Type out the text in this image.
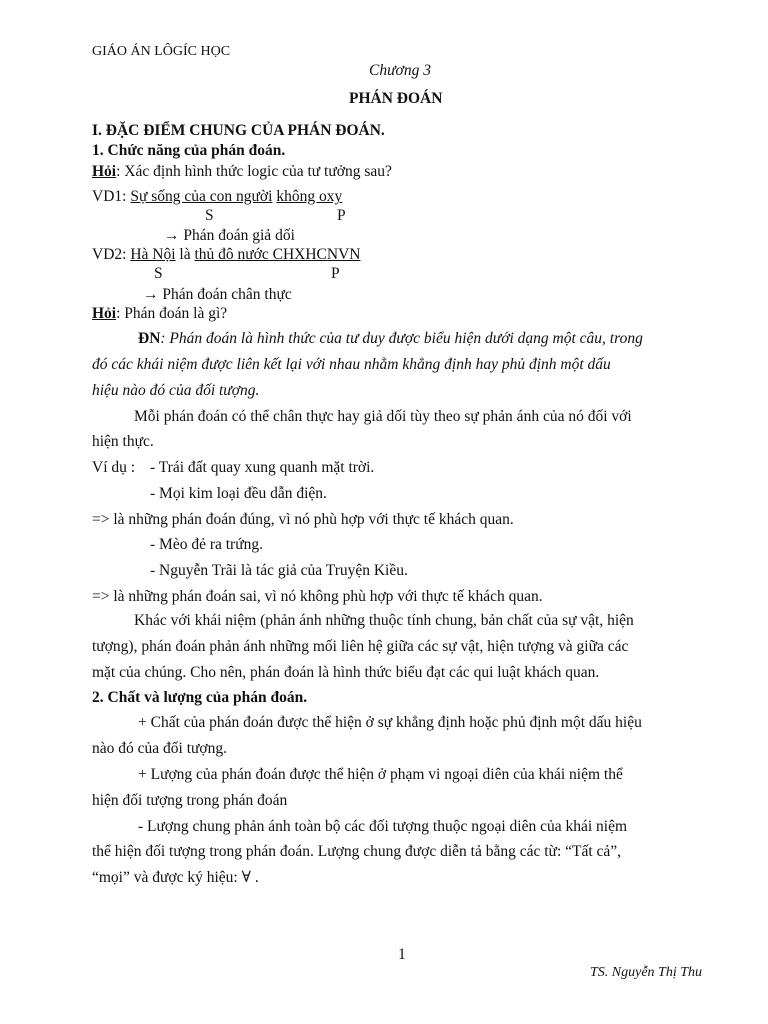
GIÁO ÁN LÔGÍC HỌC
Chương 3
PHÁN ĐOÁN
I. ĐẶC ĐIỂM CHUNG CỦA PHÁN ĐOÁN.
1. Chức năng của phán đoán.
Hỏi: Xác định hình thức logic của tư tưởng sau?
VD1: Sự sống của con người không oxy
S	P
→ Phán đoán giả dối
VD2: Hà Nội là thủ đô nước CHXHCNVN
S	P
→ Phán đoán chân thực
Hỏi: Phán đoán là gì?
ĐN: Phán đoán là hình thức của tư duy được biểu hiện dưới dạng một câu, trong
đó các khái niệm được liên kết lại với nhau nhằm khẳng định hay phủ định một dấu
hiệu nào đó của đối tượng.
Mỗi phán đoán có thể chân thực hay giả dối tùy theo sự phản ánh của nó đối với
hiện thực.
Ví dụ : - Trái đất quay xung quanh mặt trời.
- Mọi kim loại đều dẫn điện.
=> là những phán đoán đúng, vì nó phù hợp với thực tế khách quan.
- Mèo đẻ ra trứng.
- Nguyễn Trãi là tác giả của Truyện Kiều.
=> là những phán đoán sai, vì nó không phù hợp với thực tế khách quan.
Khác với khái niệm (phản ánh những thuộc tính chung, bản chất của sự vật, hiện
tượng), phán đoán phản ánh những mối liên hệ giữa các sự vật, hiện tượng và giữa các
mặt của chúng. Cho nên, phán đoán là hình thức biểu đạt các qui luật khách quan.
2. Chất và lượng của phán đoán.
+ Chất của phán đoán được thể hiện ở sự khẳng định hoặc phủ định một dấu hiệu
nào đó của đối tượng.
+ Lượng của phán đoán được thể hiện ở phạm vi ngoại diên của khái niệm thể
hiện đối tượng trong phán đoán
- Lượng chung phản ánh toàn bộ các đối tượng thuộc ngoại diên của khái niệm
thể hiện đối tượng trong phán đoán. Lượng chung được diễn tả bằng các từ: “Tất cả”,
“mọi” và được ký hiệu: ∀ .
1
TS. Nguyễn Thị Thu
